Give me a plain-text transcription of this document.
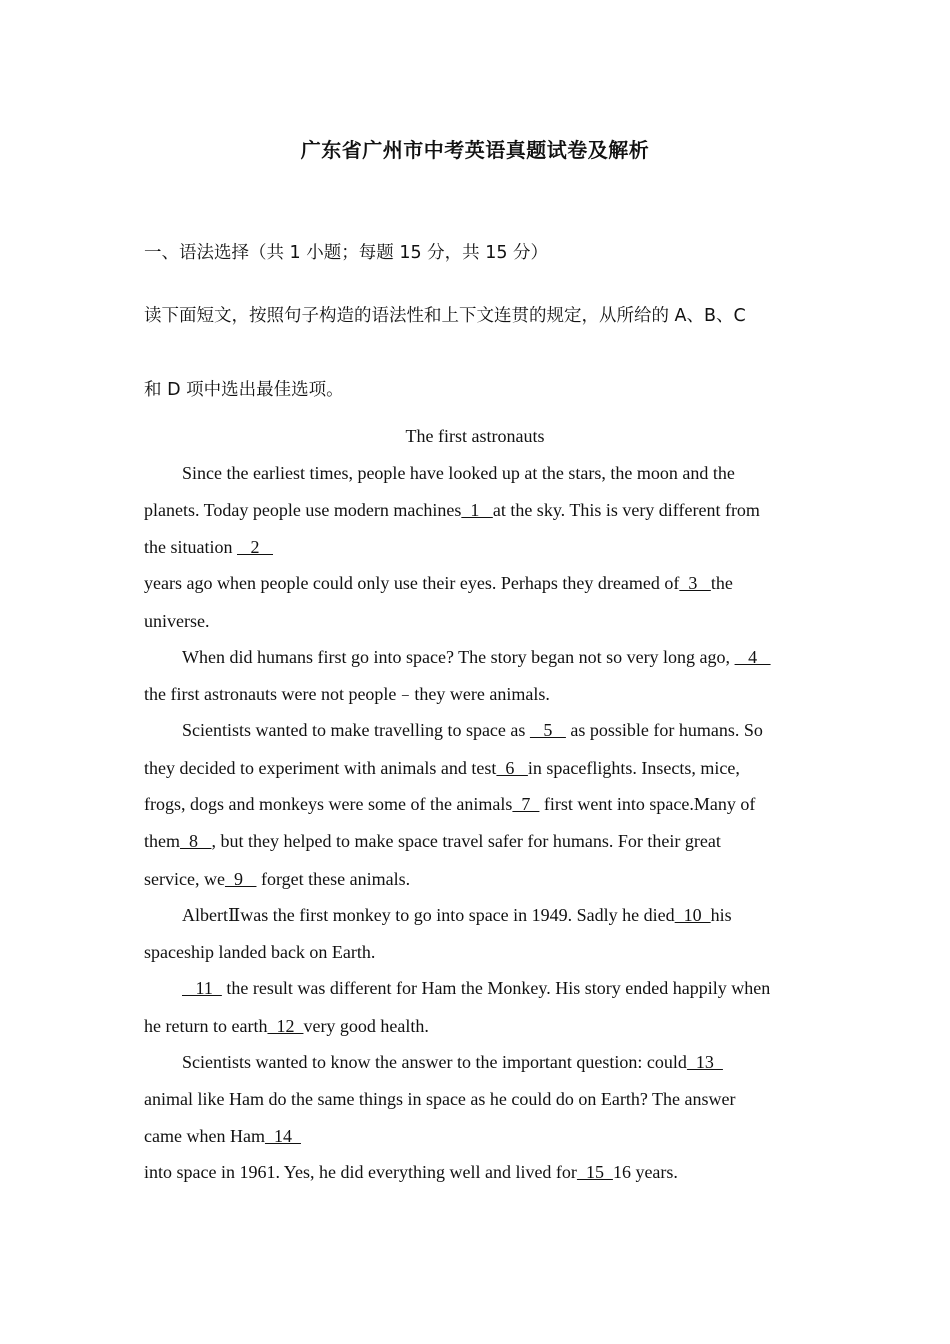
广东省广州市中考英语真题试卷及解析
一、语法选择（共 1 小题；每题 15 分，共 15 分）
读下面短文，按照句子构造的语法性和上下文连贯的规定，从所给的 A、B、C
和 D 项中选出最佳选项。
The first astronauts
Since the earliest times, people have looked up at the stars, the moon and the
planets. Today people use modern machines  1   at the sky. This is very different from
the situation    2
years ago when people could only use their eyes. Perhaps they dreamed of  3   the
universe.
When did humans first go into space? The story began not so very long ago,    4
the first astronauts were not people﹣they were animals.
Scientists wanted to make travelling to space as    5    as possible for humans. So
they decided to experiment with animals and test  6   in spaceflights. Insects, mice,
frogs, dogs and monkeys were some of the animals  7   first went into space.Many of
them  8   , but they helped to make space travel safer for humans. For their great
service, we  9    forget these animals.
AlbertⅡwas the first monkey to go into space in 1949. Sadly he died  10  his
spaceship landed back on Earth.
11   the result was different for Ham the Monkey. His story ended happily when
he return to earth  12  very good health.
Scientists wanted to know the answer to the important question: could  13
animal like Ham do the same things in space as he could do on Earth? The answer
came when Ham  14
into space in 1961. Yes, he did everything well and lived for  15  16 years.
